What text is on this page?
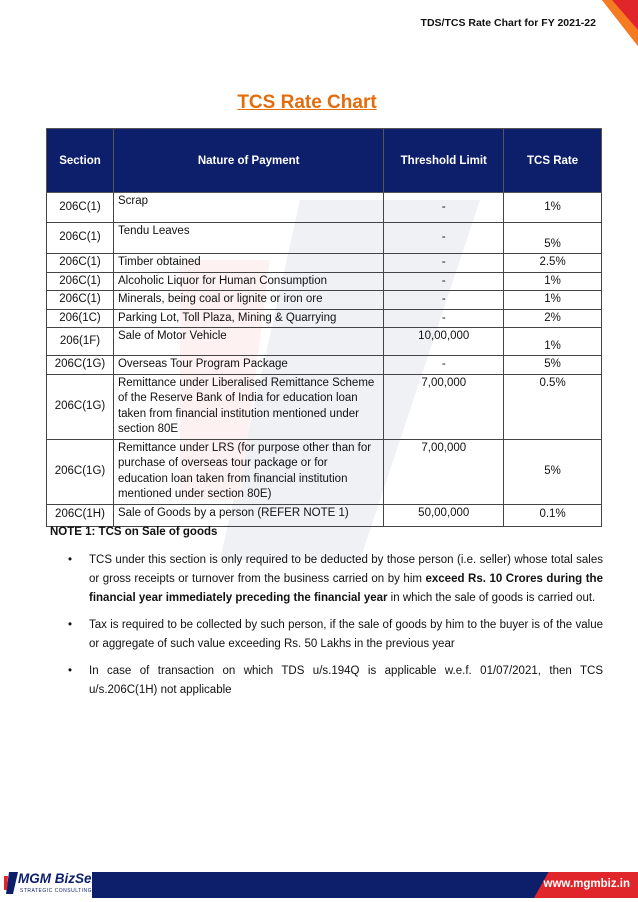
TDS/TCS Rate Chart for FY 2021-22
TCS Rate Chart
Section	Nature of Payment	Threshold Limit	TCS Rate
206C(1)	Scrap	-	1%
206C(1)	Tendu Leaves	-	5%
206C(1)	Timber obtained	-	2.5%
206C(1)	Alcoholic Liquor for Human Consumption	-	1%
206C(1)	Minerals, being coal or lignite or iron ore	-	1%
206(1C)	Parking Lot, Toll Plaza, Mining & Quarrying	-	2%
206(1F)	Sale of Motor Vehicle	10,00,000	1%
206C(1G)	Overseas Tour Program Package	-	5%
206C(1G)	Remittance under Liberalised Remittance Scheme of the Reserve Bank of India for education loan taken from financial institution mentioned under section 80E	7,00,000	0.5%
206C(1G)	Remittance under LRS (for purpose other than for purchase of overseas tour package or for education loan taken from financial institution mentioned under section 80E)	7,00,000	5%
206C(1H)	Sale of Goods by a person (REFER NOTE 1)	50,00,000	0.1%
NOTE 1: TCS on Sale of goods
• TCS under this section is only required to be deducted by those person (i.e. seller) whose total sales or gross receipts or turnover from the business carried on by him exceed Rs. 10 Crores during the financial year immediately preceding the financial year in which the sale of goods is carried out.
• Tax is required to be collected by such person, if the sale of goods by him to the buyer is of the value or aggregate of such value exceeding Rs. 50 Lakhs in the previous year
• In case of transaction on which TDS u/s.194Q is applicable w.e.f. 01/07/2021, then TCS u/s.206C(1H) not applicable
www.mgmbiz.in
MGM BizServ
STRATEGIC CONSULTING
